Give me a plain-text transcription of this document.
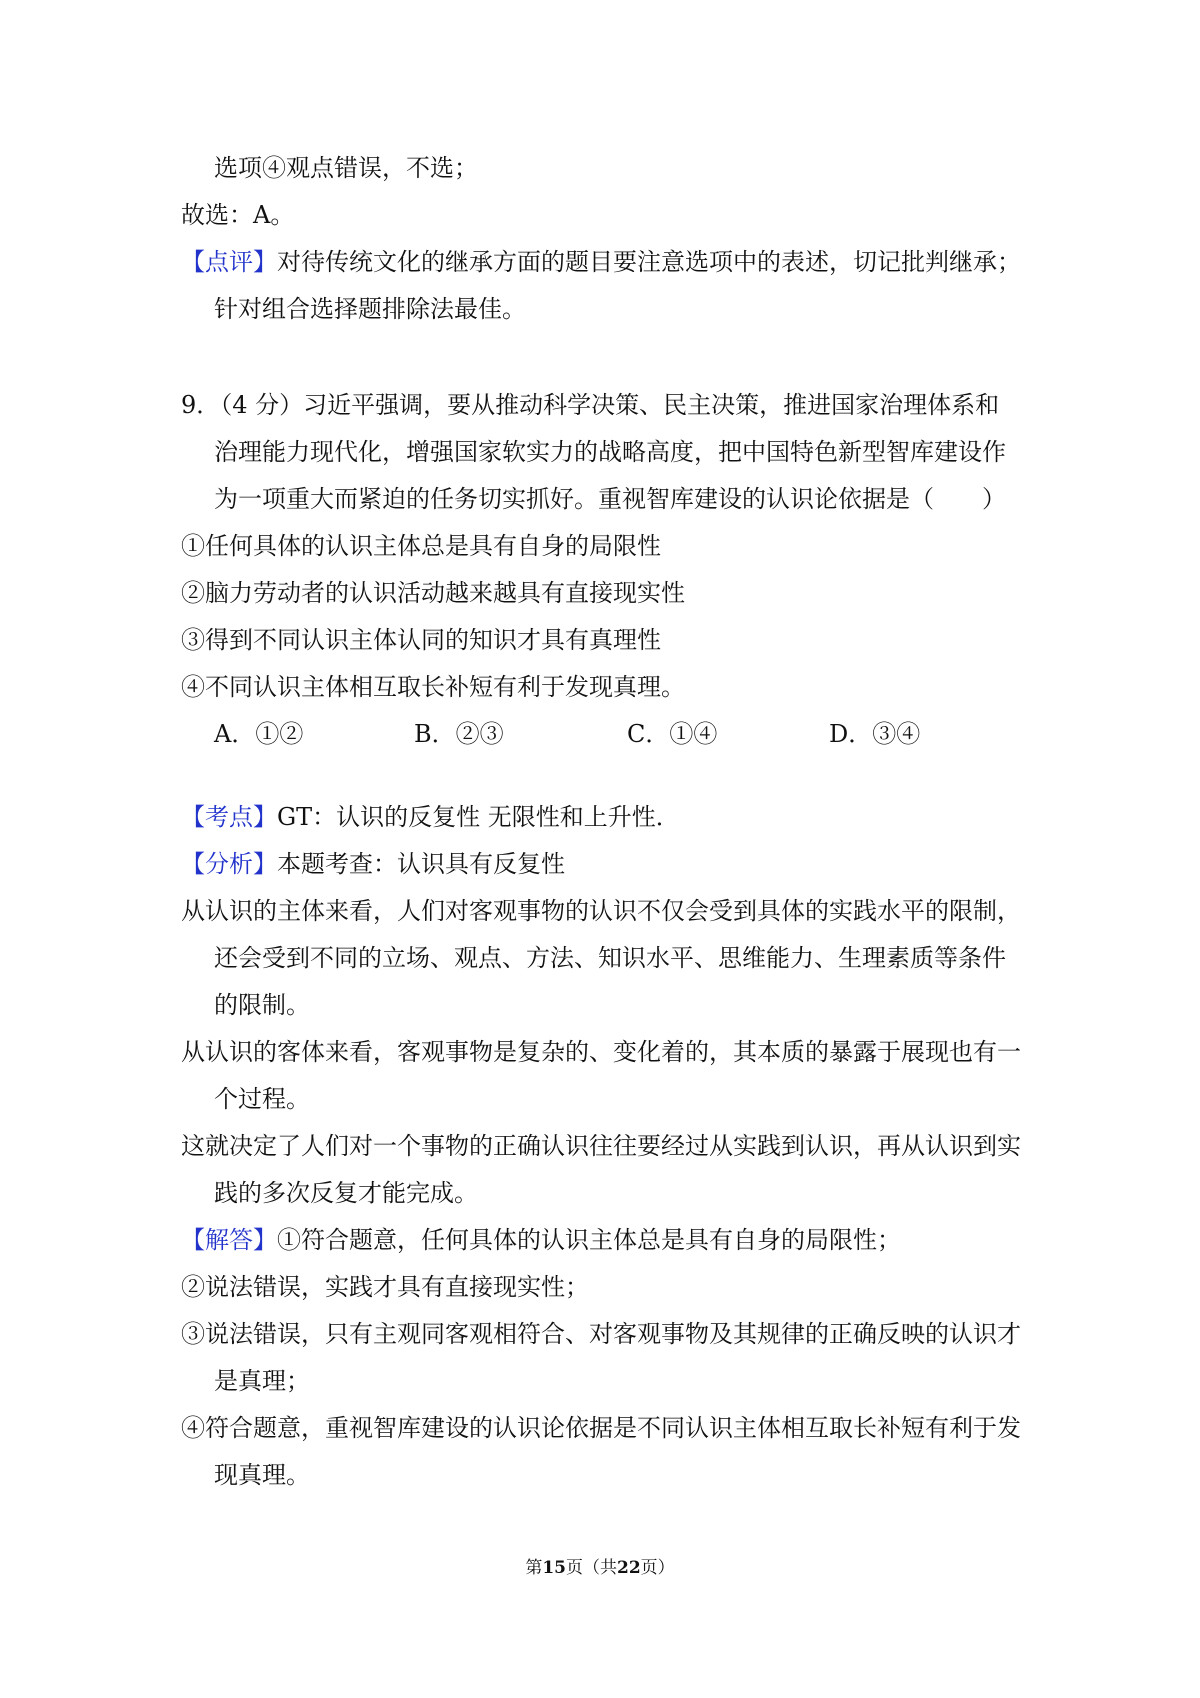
选项④观点错误，不选；
故选：A。
【点评】对待传统文化的继承方面的题目要注意选项中的表述，切记批判继承；
针对组合选择题排除法最佳。
9．（4 分）习近平强调，要从推动科学决策、民主决策，推进国家治理体系和
治理能力现代化，增强国家软实力的战略高度，把中国特色新型智库建设作
为一项重大而紧迫的任务切实抓好。重视智库建设的认识论依据是（　　）
①任何具体的认识主体总是具有自身的局限性
②脑力劳动者的认识活动越来越具有直接现实性
③得到不同认识主体认同的知识才具有真理性
④不同认识主体相互取长补短有利于发现真理。
A．①②	B．②③	C．①④	D．③④
【考点】GT：认识的反复性 无限性和上升性．
【分析】本题考查：认识具有反复性
从认识的主体来看，人们对客观事物的认识不仅会受到具体的实践水平的限制，
还会受到不同的立场、观点、方法、知识水平、思维能力、生理素质等条件
的限制。
从认识的客体来看，客观事物是复杂的、变化着的，其本质的暴露于展现也有一
个过程。
这就决定了人们对一个事物的正确认识往往要经过从实践到认识，再从认识到实
践的多次反复才能完成。
【解答】①符合题意，任何具体的认识主体总是具有自身的局限性；
②说法错误，实践才具有直接现实性；
③说法错误，只有主观同客观相符合、对客观事物及其规律的正确反映的认识才
是真理；
④符合题意，重视智库建设的认识论依据是不同认识主体相互取长补短有利于发
现真理。
第15页（共22页）
